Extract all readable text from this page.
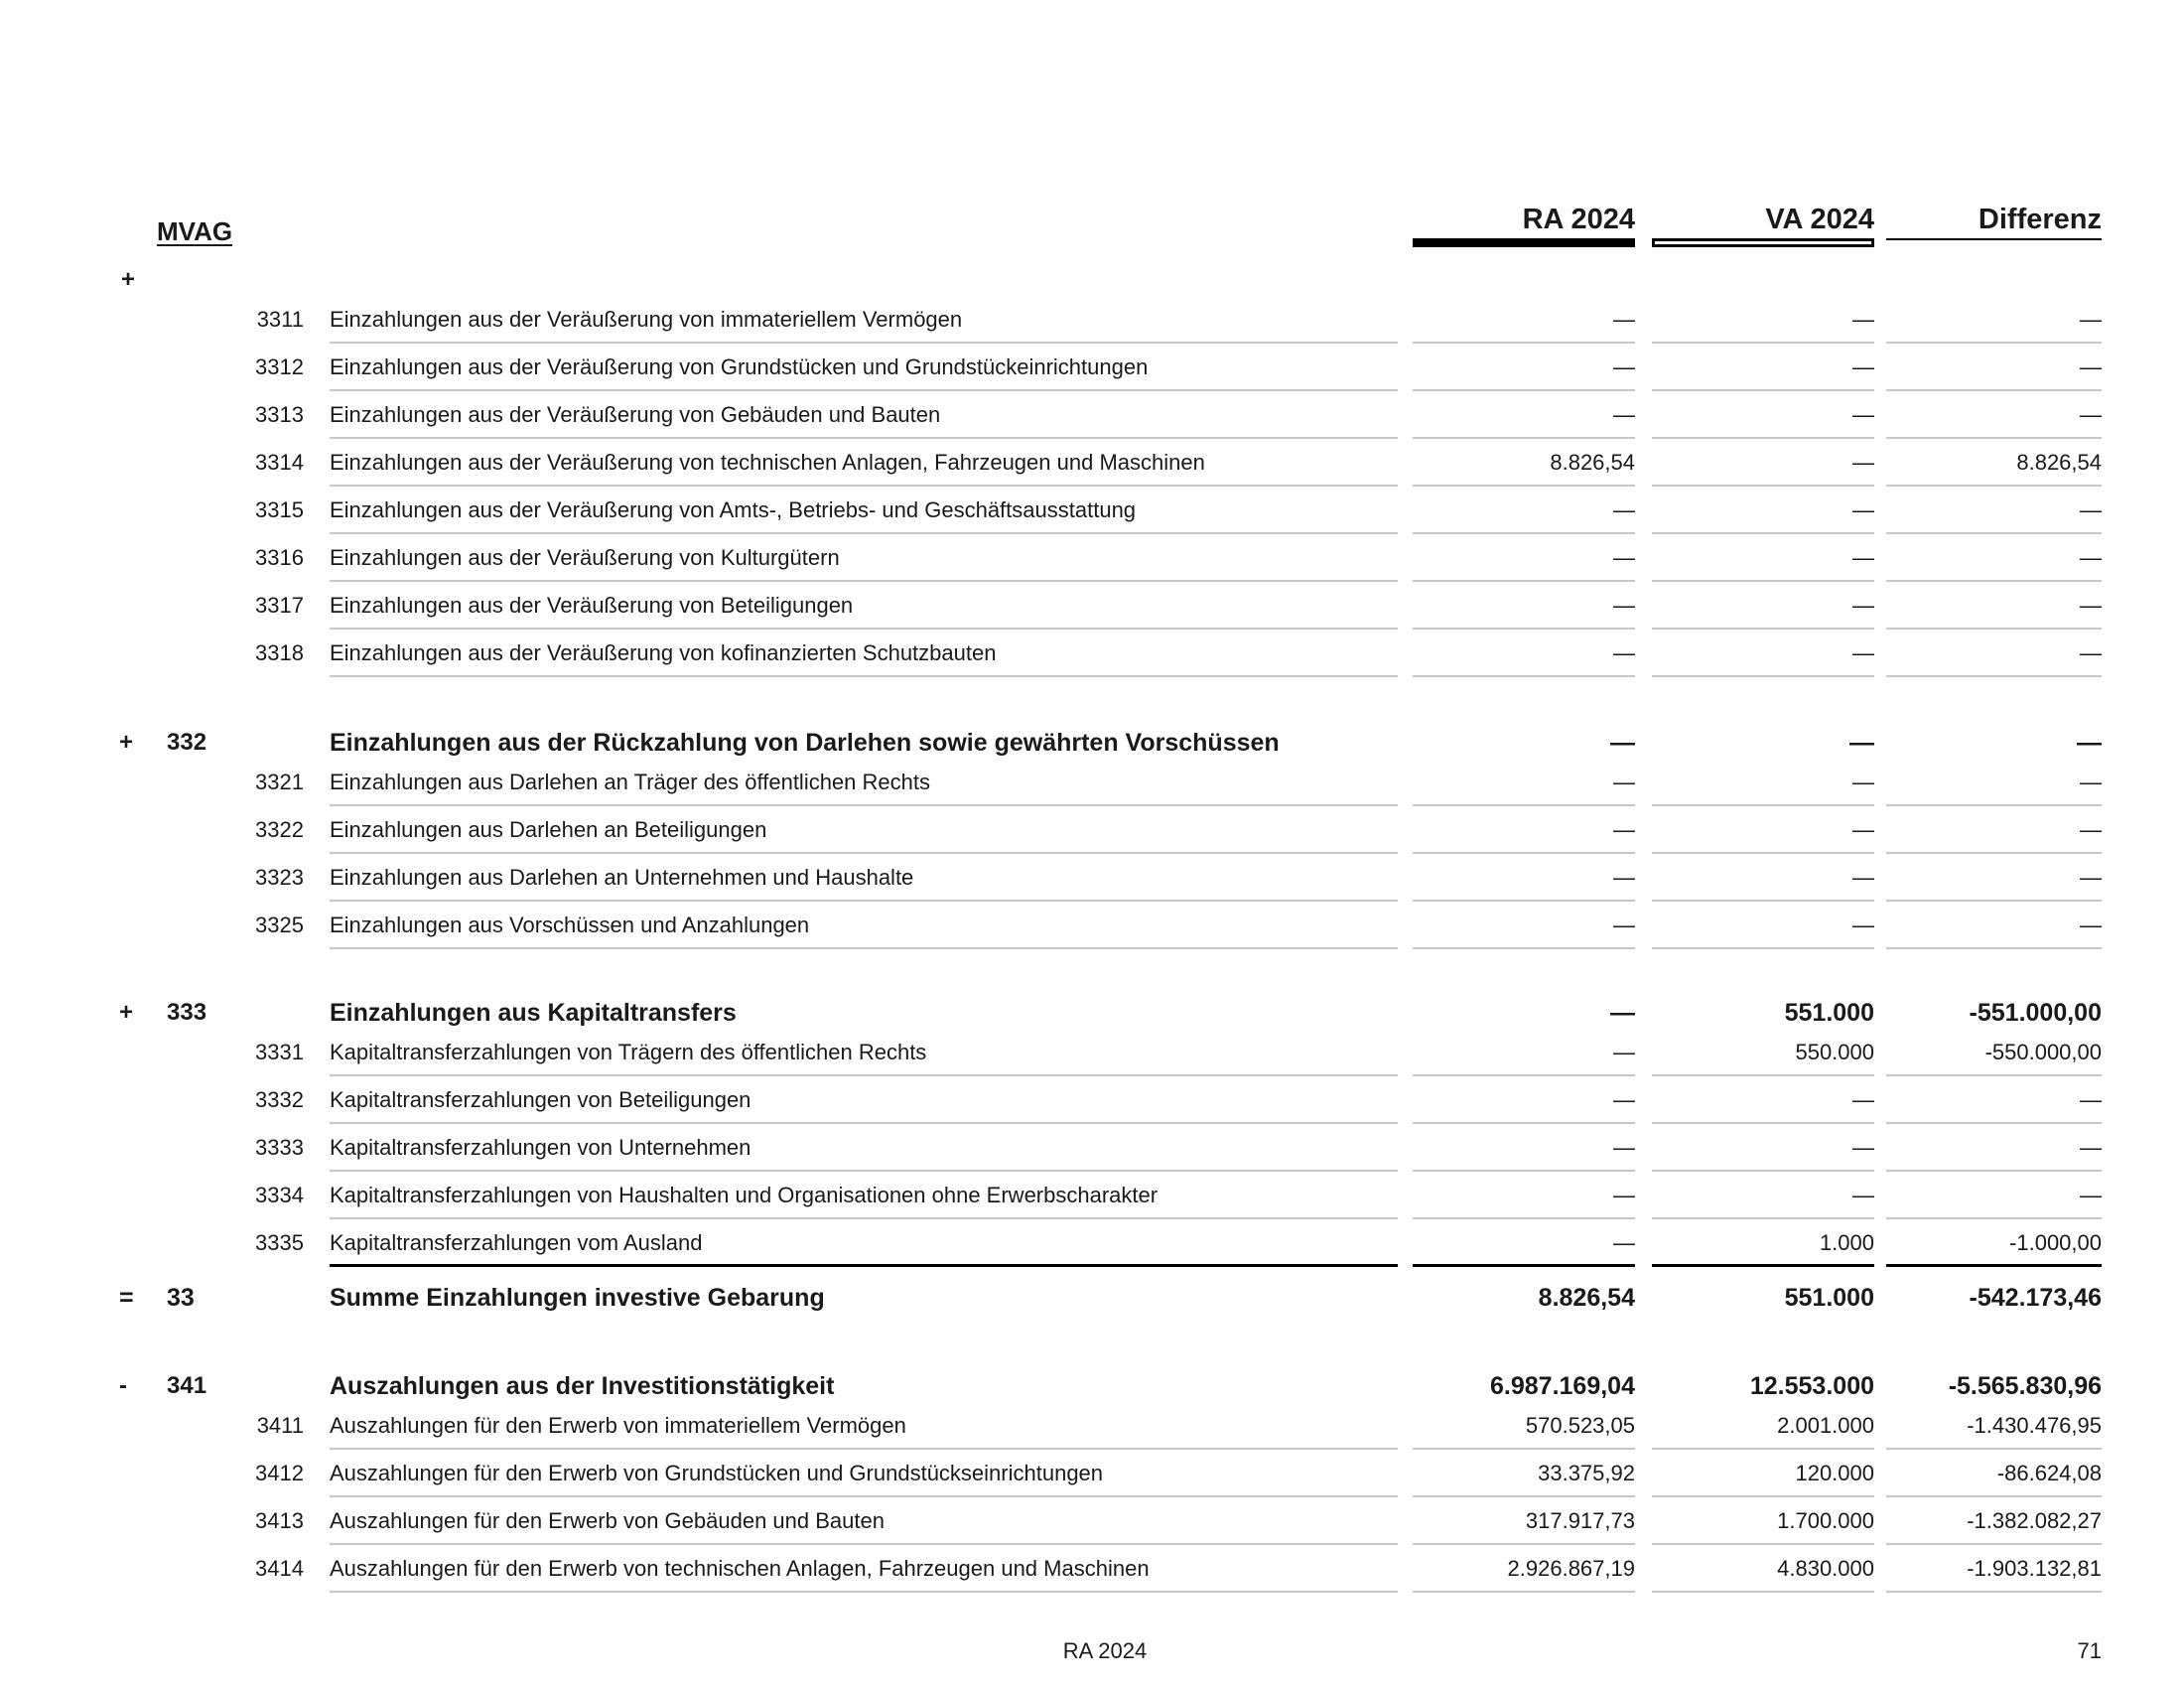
MVAG	RA 2024	VA 2024	Differenz
+
3311 Einzahlungen aus der Veräußerung von immateriellem Vermögen	—	—	—
3312 Einzahlungen aus der Veräußerung von Grundstücken und Grundstückeinrichtungen	—	—	—
3313 Einzahlungen aus der Veräußerung von Gebäuden und Bauten	—	—	—
3314 Einzahlungen aus der Veräußerung von technischen Anlagen, Fahrzeugen und Maschinen	8.826,54	—	8.826,54
3315 Einzahlungen aus der Veräußerung von Amts-, Betriebs- und Geschäftsausstattung	—	—	—
3316 Einzahlungen aus der Veräußerung von Kulturgütern	—	—	—
3317 Einzahlungen aus der Veräußerung von Beteiligungen	—	—	—
3318 Einzahlungen aus der Veräußerung von kofinanzierten Schutzbauten	—	—	—
+ 332	Einzahlungen aus der Rückzahlung von Darlehen sowie gewährten Vorschüssen	—	—	—
3321 Einzahlungen aus Darlehen an Träger des öffentlichen Rechts	—	—	—
3322 Einzahlungen aus Darlehen an Beteiligungen	—	—	—
3323 Einzahlungen aus Darlehen an Unternehmen und Haushalte	—	—	—
3325 Einzahlungen aus Vorschüssen und Anzahlungen	—	—	—
+ 333	Einzahlungen aus Kapitaltransfers	—	551.000	-551.000,00
3331 Kapitaltransferzahlungen von Trägern des öffentlichen Rechts	—	550.000	-550.000,00
3332 Kapitaltransferzahlungen von Beteiligungen	—	—	—
3333 Kapitaltransferzahlungen von Unternehmen	—	—	—
3334 Kapitaltransferzahlungen von Haushalten und Organisationen ohne Erwerbscharakter	—	—	—
3335 Kapitaltransferzahlungen vom Ausland	—	1.000	-1.000,00
= 33	Summe Einzahlungen investive Gebarung	8.826,54	551.000	-542.173,46
- 341	Auszahlungen aus der Investitionstätigkeit	6.987.169,04	12.553.000	-5.565.830,96
3411 Auszahlungen für den Erwerb von immateriellem Vermögen	570.523,05	2.001.000	-1.430.476,95
3412 Auszahlungen für den Erwerb von Grundstücken und Grundstückseinrichtungen	33.375,92	120.000	-86.624,08
3413 Auszahlungen für den Erwerb von Gebäuden und Bauten	317.917,73	1.700.000	-1.382.082,27
3414 Auszahlungen für den Erwerb von technischen Anlagen, Fahrzeugen und Maschinen	2.926.867,19	4.830.000	-1.903.132,81
RA 2024	71
